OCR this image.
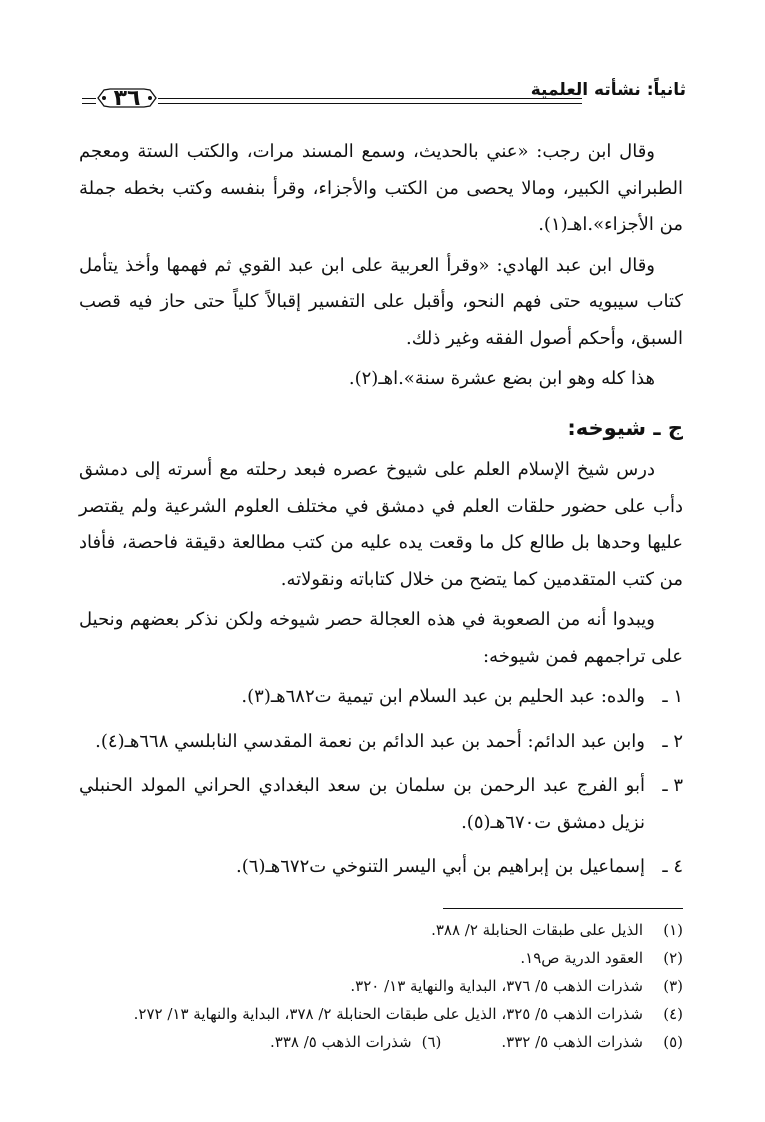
ثانياً: نشأته العلمية
٣٦

وقال ابن رجب: «عني بالحديث، وسمع المسند مرات، والكتب الستة ومعجم الطبراني الكبير، ومالا يحصى من الكتب والأجزاء، وقرأ بنفسه وكتب بخطه جملة من الأجزاء».اهـ(١).

وقال ابن عبد الهادي: «وقرأ العربية على ابن عبد القوي ثم فهمها وأخذ يتأمل كتاب سيبويه حتى فهم النحو، وأقبل على التفسير إقبالاً كلياً حتى حاز فيه قصب السبق، وأحكم أصول الفقه وغير ذلك.

هذا كله وهو ابن بضع عشرة سنة».اهـ(٢).

ج ـ شيوخه:

درس شيخ الإسلام العلم على شيوخ عصره فبعد رحلته مع أسرته إلى دمشق دأب على حضور حلقات العلم في دمشق في مختلف العلوم الشرعية ولم يقتصر عليها وحدها بل طالع كل ما وقعت يده عليه من كتب مطالعة دقيقة فاحصة، فأفاد من كتب المتقدمين كما يتضح من خلال كتاباته ونقولاته.

ويبدوا أنه من الصعوبة في هذه العجالة حصر شيوخه ولكن نذكر بعضهم ونحيل على تراجمهم فمن شيوخه:

١ ـ
والده: عبد الحليم بن عبد السلام ابن تيمية ت٦٨٢هـ(٣).
٢ ـ
وابن عبد الدائم: أحمد بن عبد الدائم بن نعمة المقدسي النابلسي ٦٦٨هـ(٤).
٣ ـ
أبو الفرج عبد الرحمن بن سلمان بن سعد البغدادي الحراني المولد الحنبلي نزيل دمشق ت٦٧٠هـ(٥).
٤ ـ
إسماعيل بن إبراهيم بن أبي اليسر التنوخي ت٦٧٢هـ(٦).
(١)
الذيل على طبقات الحنابلة ٢/ ٣٨٨.
(٢)
العقود الدرية ص١٩.
(٣)
شذرات الذهب ٥/ ٣٧٦، البداية والنهاية ١٣/ ٣٢٠.
(٤)
شذرات الذهب ٥/ ٣٢٥، الذيل على طبقات الحنابلة ٢/ ٣٧٨، البداية والنهاية ١٣/ ٢٧٢.
(٥)
شذرات الذهب ٥/ ٣٣٢.
(٦)
شذرات الذهب ٥/ ٣٣٨.
